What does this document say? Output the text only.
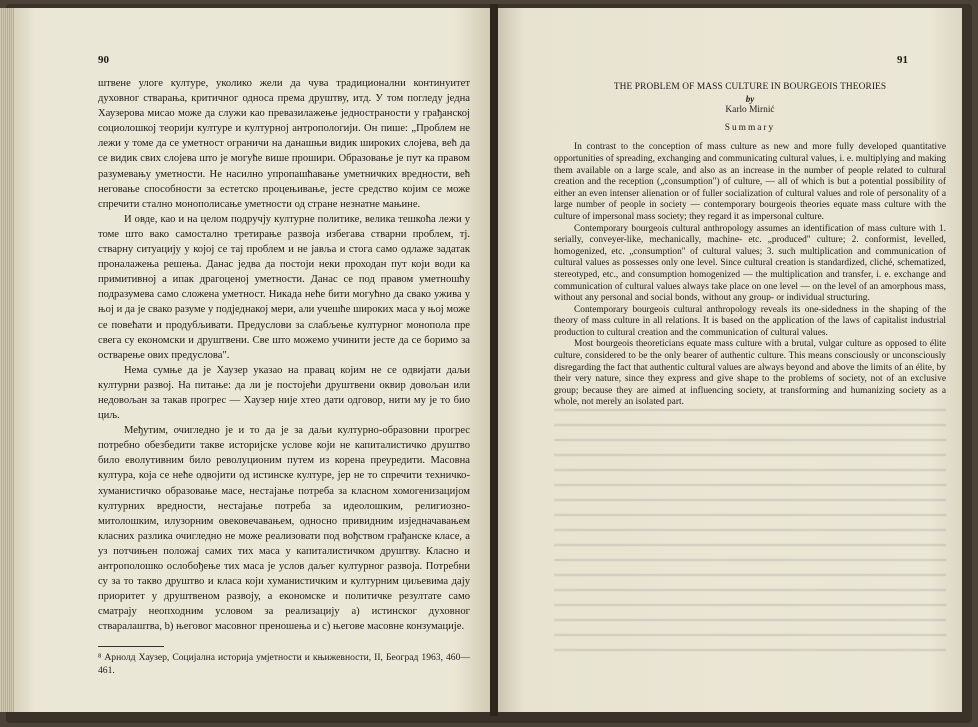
90

штвене улоге културе, уколико жели да чува традиционални континуитет духовног стварања, критичног односа према друштву, итд. У том погледу једна Хаузерова мисао може да служи као превазилажење једностраности у грађанској социолошкој теорији културе и културној антропологији. Он пише: „Проблем не лежи у томе да се уметност ограничи на данашњи видик широких слојева, већ да се видик свих слојева што је могуће више прошири. Образовање је пут ка правом разумевању уметности. Не насилно упропашћавање уметничких вредности, већ неговање способности за естетско процењивање, јесте средство којим се може спречити стално монополисање уметности од стране незнатне мањине.

И овде, као и на целом подручју културне политике, велика тешкоћа лежи у томе што вако самостално третирање развоја избегава стварни проблем, тј. стварну ситуацију у којој се тај проблем и не јавља и стога само одлаже задатак проналажења решења. Данас једва да постоји неки проходан пут који води ка примитивној а ипак драгоценој уметности. Данас се под правом уметношћу подразумева само сложена уметност. Никада неће бити могућно да свако ужива у њој и да је свако разуме у подједнакој мери, али учешће широких маса у њој може се повећати и продубљивати. Предуслови за слабљење културног монопола пре свега су економски и друштвени. Све што можемо учинити јесте да се боримо за остварење ових предуслова".

Нема сумње да је Хаузер указао на правац којим не се одвијати даљи културни развој. На питање: да ли је постојећи друштвени оквир довољан или недовољан за такав прогрес — Хаузер није хтео дати одговор, нити му је то био циљ.

Међутим, очигледно је и то да је за даљи културно-образовни прогрес потребно обезбедити такве историјске услове који не капиталистичко друштво било еволутивним било револуционим путем из корена преуредити. Масовна култура, која се неће одвојити од истинске културе, јер не то спречити техничко-хуманистичко образовање масе, нестајање потреба за класном хомогенизацијом културних вредности, нестајање потреба за идеолошким, религиозно-митолошким, илузорним овековечавањем, односно привидним изједначавањем класних разлика очигледно не може реализовати под вођством грађанске класе, а уз потчињен положај самих тих маса у капиталистичком друштву. Класно и антрополошко ослобођење тих маса је услов даљег културног развоја. Потребни су за то такво друштво и класа који хуманистичким и културним циљевима дају приоритет у друштвеном развоју, а економске и политичке резултате само сматрају неопходним условом за реализацију а) истинског духовног стваралаштва, b) његовог масовног преношења и с) његове масовне конзумације.

⁸ Арнолд Хаузер, Социјална историја умјетности и књижевности, II, Београд 1963, 460—461.
91
THE PROBLEM OF MASS CULTURE IN BOURGEOIS THEORIES
by
Karlo Mirnić
Summary

In contrast to the conception of mass culture as new and more fully developed quantitative opportunities of spreading, exchanging and communicating cultural values, i. e. multiplying and making them available on a large scale, and also as an increase in the number of people related to cultural creation and the reception („consumption") of culture, — all of which is but a potential possibility of either an even intenser alienation or of fuller socialization of cultural values and role of personality of a large number of people in society — contemporary bourgeois theories equate mass culture with the culture of impersonal mass society; they regard it as impersonal culture.

Contemporary bourgeois cultural anthropology assumes an identification of mass culture with 1. serially, conveyer-like, mechanically, machine- etc. „produced" culture; 2. conformist, levelled, homogenized, etc. „consumption" of cultural values; 3. such multiplication and communication of cultural values as possesses only one level. Since cultural creation is standardized, cliché, schematized, stereotyped, etc., and consumption homogenized — the multiplication and transfer, i. e. exchange and communication of cultural values always take place on one level — on the level of an amorphous mass, without any personal and social bonds, without any group- or individual structuring.

Contemporary bourgeois cultural anthropology reveals its one-sidedness in the shaping of the theory of mass culture in all relations. It is based on the application of the laws of capitalist industrial production to cultural creation and the communication of cultural values.

Most bourgeois theoreticians equate mass culture with a brutal, vulgar culture as opposed to élite culture, considered to be the only bearer of authentic culture. This means consciously or unconsciously disregarding the fact that authentic cultural values are always beyond and above the limits of an élite, by their very nature, since they express and give shape to the problems of society, not of an exclusive group; because they are aimed at influencing society, at transforming and humanizing society as a whole, not merely an isolated part.
